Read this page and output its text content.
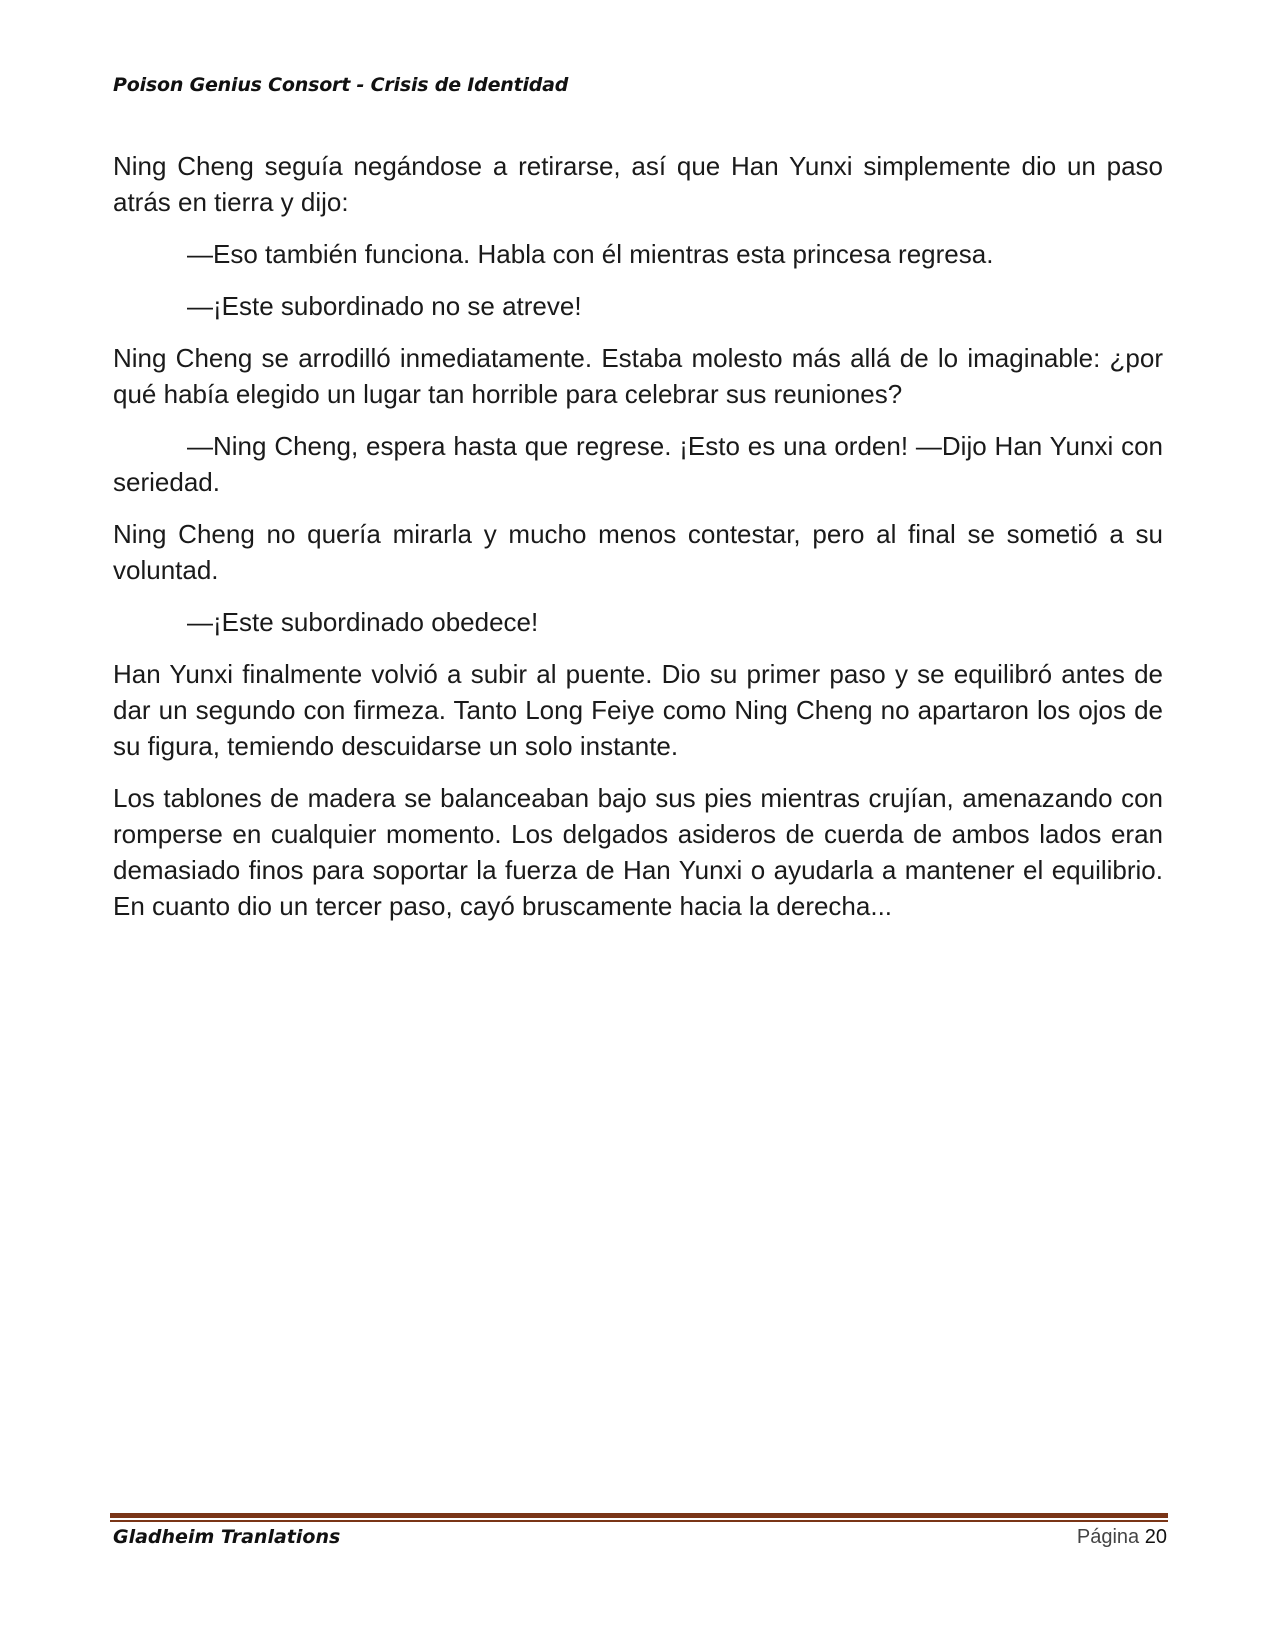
Poison Genius Consort - Crisis de Identidad

Ning Cheng seguía negándose a retirarse, así que Han Yunxi simplemente dio un paso atrás en tierra y dijo:

—Eso también funciona. Habla con él mientras esta princesa regresa.

—¡Este subordinado no se atreve!

Ning Cheng se arrodilló inmediatamente. Estaba molesto más allá de lo imaginable: ¿por qué había elegido un lugar tan horrible para celebrar sus reuniones?

—Ning Cheng, espera hasta que regrese. ¡Esto es una orden! —Dijo Han Yunxi con seriedad.

Ning Cheng no quería mirarla y mucho menos contestar, pero al final se sometió a su voluntad.

—¡Este subordinado obedece!

Han Yunxi finalmente volvió a subir al puente. Dio su primer paso y se equilibró antes de dar un segundo con firmeza. Tanto Long Feiye como Ning Cheng no apartaron los ojos de su figura, temiendo descuidarse un solo instante.

Los tablones de madera se balanceaban bajo sus pies mientras crujían, amenazando con romperse en cualquier momento. Los delgados asideros de cuerda de ambos lados eran demasiado finos para soportar la fuerza de Han Yunxi o ayudarla a mantener el equilibrio. En cuanto dio un tercer paso, cayó bruscamente hacia la derecha...

Gladheim Tranlations	Página 20
